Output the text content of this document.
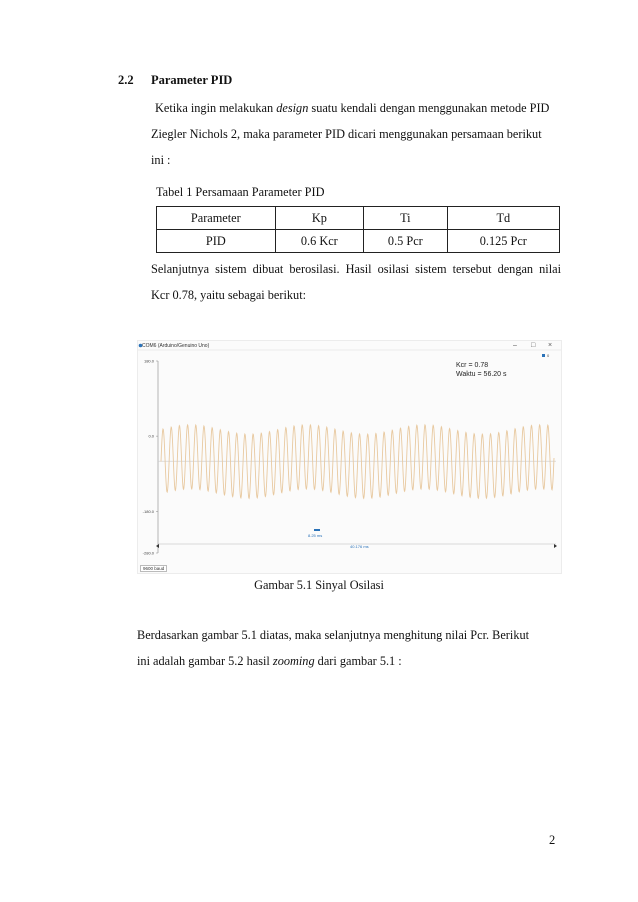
2.2 Parameter PID
Ketika ingin melakukan design suatu kendali dengan menggunakan metode PID
Ziegler Nichols 2, maka parameter PID dicari menggunakan persamaan berikut
ini :
Tabel 1 Persamaan Parameter PID
Parameter	Kp	Ti	Td
PID	0.6 Kcr	0.5 Pcr	0.125 Pcr
Selanjutnya sistem dibuat berosilasi. Hasil osilasi sistem tersebut dengan nilai
Kcr 0.78, yaitu sebagai berikut:
COM6 (Arduino/Genuino Uno)	– □ ×
Kcr = 0.78
Waktu = 56.20 s
180.0
0.0
-180.0
-280.0
0
8.25 ms
40.176 ms
9600 baud
Gambar 5.1 Sinyal Osilasi
Berdasarkan gambar 5.1 diatas, maka selanjutnya menghitung nilai Pcr. Berikut
ini adalah gambar 5.2 hasil zooming dari gambar 5.1 :
2
